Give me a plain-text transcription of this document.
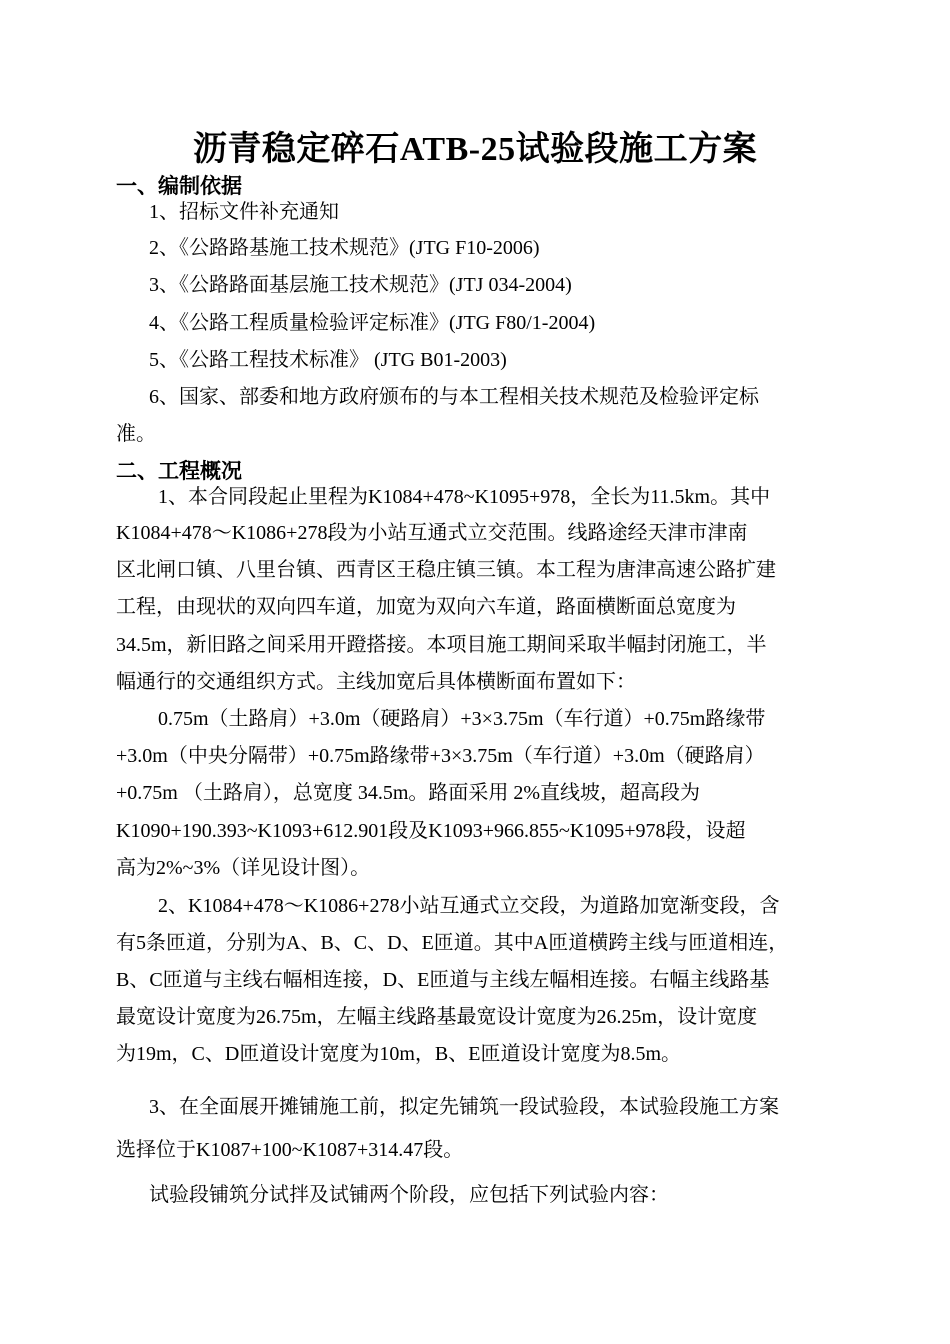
沥青稳定碎石ATB-25试验段施工方案
一、编制依据
1、招标文件补充通知
2、《公路路基施工技术规范》(JTG F10-2006)
3、《公路路面基层施工技术规范》(JTJ 034-2004)
4、《公路工程质量检验评定标准》(JTG F80/1-2004)
5、《公路工程技术标准》 (JTG B01-2003)
6、国家、部委和地方政府颁布的与本工程相关技术规范及检验评定标
准。
二、工程概况
1、本合同段起止里程为K1084+478~K1095+978，全长为11.5km。其中
K1084+478～K1086+278段为小站互通式立交范围。线路途经天津市津南
区北闸口镇、八里台镇、西青区王稳庄镇三镇。本工程为唐津高速公路扩建
工程，由现状的双向四车道，加宽为双向六车道，路面横断面总宽度为
34.5m，新旧路之间采用开蹬搭接。本项目施工期间采取半幅封闭施工，半
幅通行的交通组织方式。主线加宽后具体横断面布置如下：
0.75m（土路肩）+3.0m（硬路肩）+3×3.75m（车行道）+0.75m路缘带
+3.0m（中央分隔带）+0.75m路缘带+3×3.75m（车行道）+3.0m（硬路肩）
+0.75m （土路肩），总宽度 34.5m。路面采用 2%直线坡，超高段为
K1090+190.393~K1093+612.901段及K1093+966.855~K1095+978段，设超
高为2%~3%（详见设计图）。
2、K1084+478～K1086+278小站互通式立交段，为道路加宽渐变段，含
有5条匝道，分别为A、B、C、D、E匝道。其中A匝道横跨主线与匝道相连，
B、C匝道与主线右幅相连接，D、E匝道与主线左幅相连接。右幅主线路基
最宽设计宽度为26.75m，左幅主线路基最宽设计宽度为26.25m，设计宽度
为19m，C、D匝道设计宽度为10m，B、E匝道设计宽度为8.5m。
3、在全面展开摊铺施工前，拟定先铺筑一段试验段，本试验段施工方案
选择位于K1087+100~K1087+314.47段。
试验段铺筑分试拌及试铺两个阶段，应包括下列试验内容：
